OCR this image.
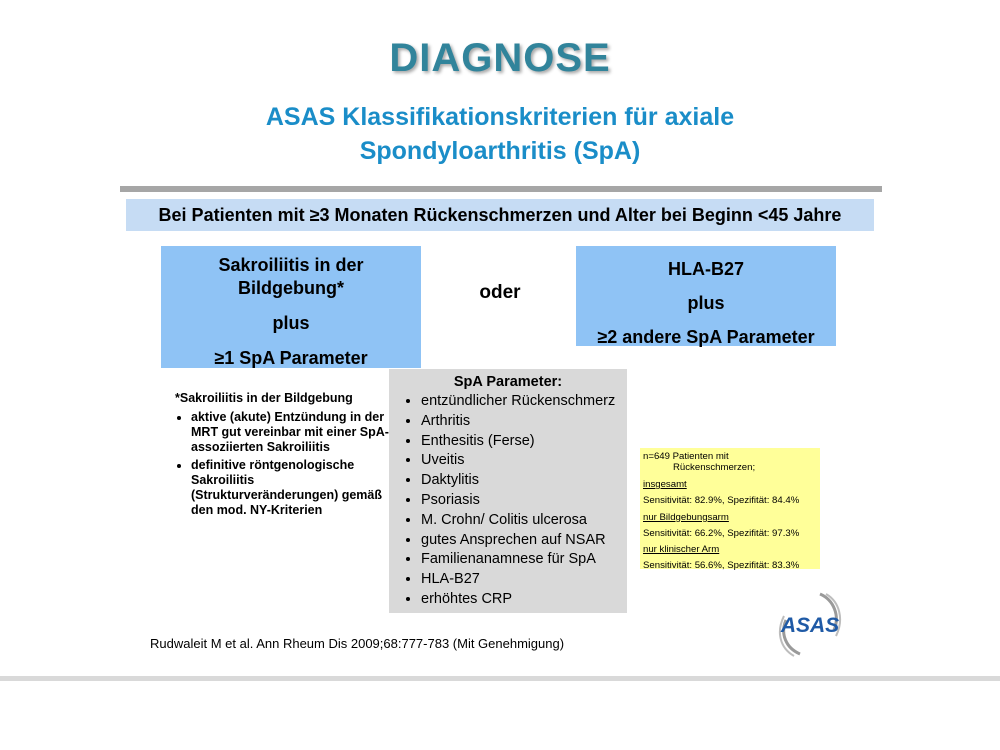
DIAGNOSE
ASAS Klassifikationskriterien für axiale
Spondyloarthritis (SpA)
Bei Patienten mit ≥3 Monaten Rückenschmerzen und Alter bei Beginn <45 Jahre
Sakroiliitis in der
Bildgebung*
plus
≥1 SpA Parameter
oder
HLA-B27
plus
≥2 andere SpA Parameter
*Sakroiliitis in der Bildgebung
• aktive (akute) Entzündung in der MRT gut vereinbar mit einer SpA-assoziierten Sakroiliitis
• definitive röntgenologische Sakroiliitis (Strukturveränderungen) gemäß den mod. NY-Kriterien
SpA Parameter:
• entzündlicher Rückenschmerz
• Arthritis
• Enthesitis (Ferse)
• Uveitis
• Daktylitis
• Psoriasis
• M. Crohn/ Colitis ulcerosa
• gutes Ansprechen auf NSAR
• Familienanamnese für SpA
• HLA-B27
• erhöhtes CRP
n=649 Patienten mit
Rückenschmerzen;
insgesamt
Sensitivität: 82.9%, Spezifität: 84.4%
nur Bildgebungsarm
Sensitivität: 66.2%, Spezifität: 97.3%
nur klinischer Arm
Sensitivität: 56.6%, Spezifität: 83.3%
Rudwaleit M et al. Ann Rheum Dis 2009;68:777-783 (Mit Genehmigung)
ASAS
